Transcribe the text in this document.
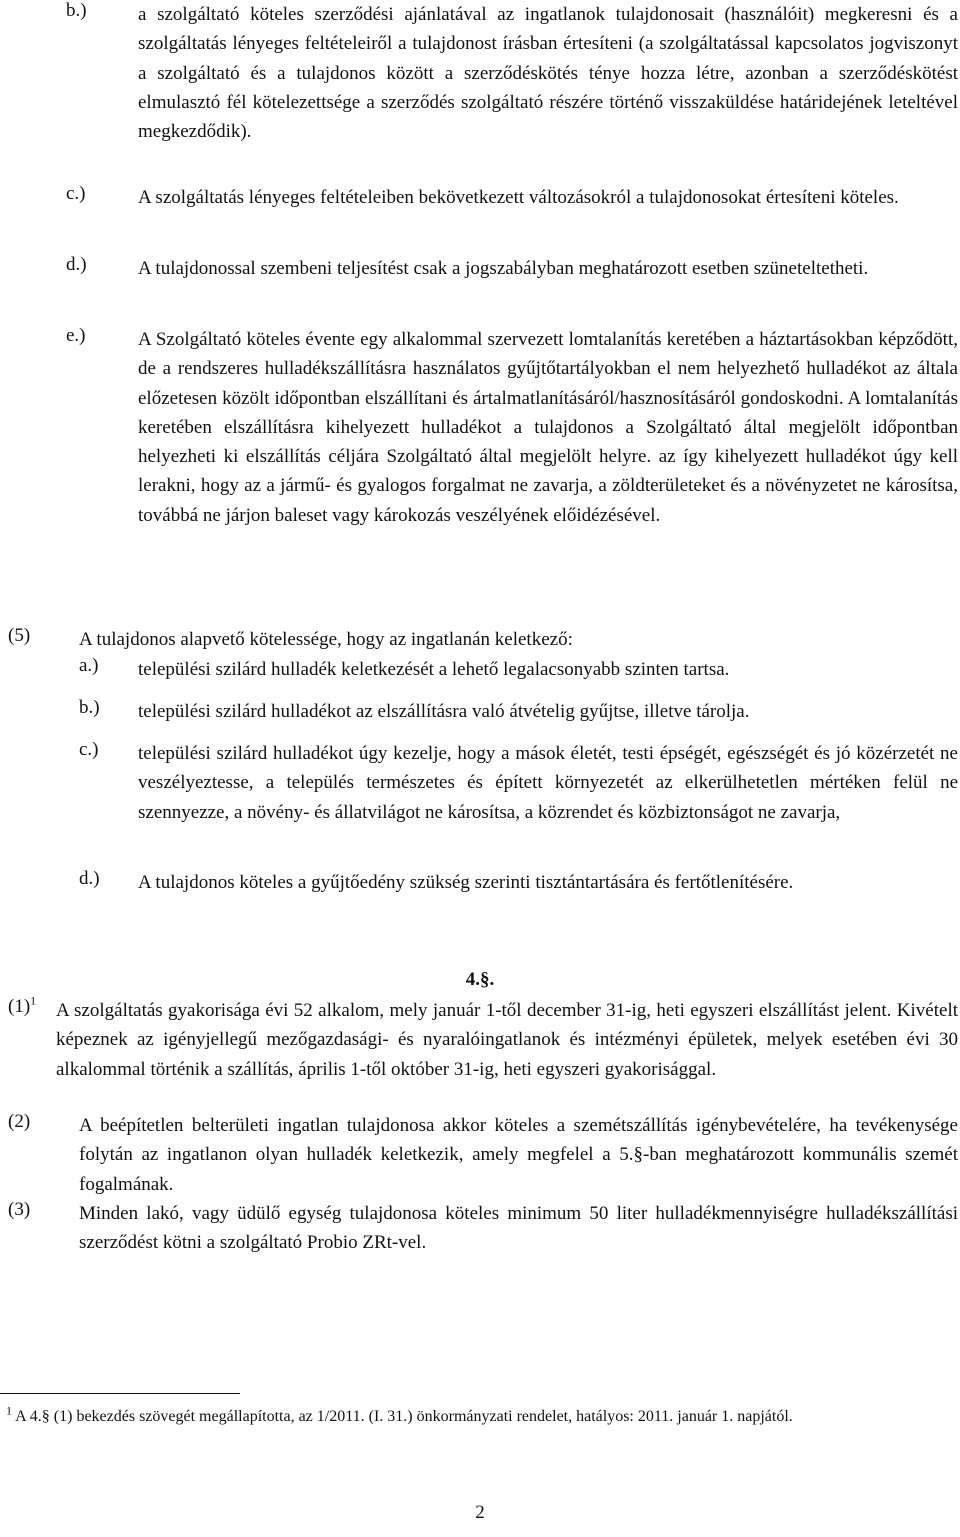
b.)	a szolgáltató köteles szerződési ajánlatával az ingatlanok tulajdonosait (használóit) megkeresni és a szolgáltatás lényeges feltételeiről a tulajdonost írásban értesíteni (a szolgáltatással kapcsolatos jogviszonyt a szolgáltató és a tulajdonos között a szerződéskötés ténye hozza létre, azonban a szerződéskötést elmulasztó fél kötelezettsége a szerződés szolgáltató részére történő visszaküldése határidejének leteltével megkezdődik).

c.)	A szolgáltatás lényeges feltételeiben bekövetkezett változásokról a tulajdonosokat értesíteni köteles.

d.)	A tulajdonossal szembeni teljesítést csak a jogszabályban meghatározott esetben szüneteltetheti.

e.)	A Szolgáltató köteles évente egy alkalommal szervezett lomtalanítás keretében a háztartásokban képződött, de a rendszeres hulladékszállításra használatos gyűjtőtartályokban el nem helyezhető hulladékot az általa előzetesen közölt időpontban elszállítani és ártalmatlanításáról/hasznosításáról gondoskodni. A lomtalanítás keretében elszállításra kihelyezett hulladékot a tulajdonos a Szolgáltató által megjelölt időpontban helyezheti ki elszállítás céljára Szolgáltató által megjelölt helyre. az így kihelyezett hulladékot úgy kell lerakni, hogy az a jármű- és gyalogos forgalmat ne zavarja, a zöldterületeket és a növényzetet ne károsítsa, továbbá ne járjon baleset vagy károkozás veszélyének előidézésével.

(5)	A tulajdonos alapvető kötelessége, hogy az ingatlanán keletkező:

a.) települési szilárd hulladék keletkezését a lehető legalacsonyabb szinten tartsa.

b.) települési szilárd hulladékot az elszállításra való átvételig gyűjtse, illetve tárolja.

c.) települési szilárd hulladékot úgy kezelje, hogy a mások életét, testi épségét, egészségét és jó közérzetét ne veszélyeztesse, a település természetes és épített környezetét az elkerülhetetlen mértéken felül ne szennyezze, a növény- és állatvilágot ne károsítsa, a közrendet és közbiztonságot ne zavarja,

d.) A tulajdonos köteles a gyűjtőedény szükség szerinti tisztántartására és fertőtlenítésére.

4.§.
$(1)^1$ A szolgáltatás gyakorisága évi 52 alkalom, mely január 1-től december 31-ig, heti egyszeri elszállítást jelent. Kivételt képeznek az igényjellegű mezőgazdasági- és nyaralóingatlanok és intézményi épületek, melyek esetében évi 30 alkalommal történik a szállítás, április 1-től október 31-ig, heti egyszeri gyakorisággal.

(2)	A beépítetlen belterületi ingatlan tulajdonosa akkor köteles a szemétszállítás igénybevételére, ha tevékenysége folytán az ingatlanon olyan hulladék keletkezik, amely megfelel a 5.§-ban meghatározott kommunális szemét fogalmának.

(3)	Minden lakó, vagy üdülő egység tulajdonosa köteles minimum 50 liter hulladékmennyiségre hulladékszállítási szerződést kötni a szolgáltató Probio ZRt-vel.

$^1$ A 4.§ (1) bekezdés szövegét megállapította, az 1/2011. (I. 31.) önkormányzati rendelet, hatályos: 2011. január 1. napjától.
2
